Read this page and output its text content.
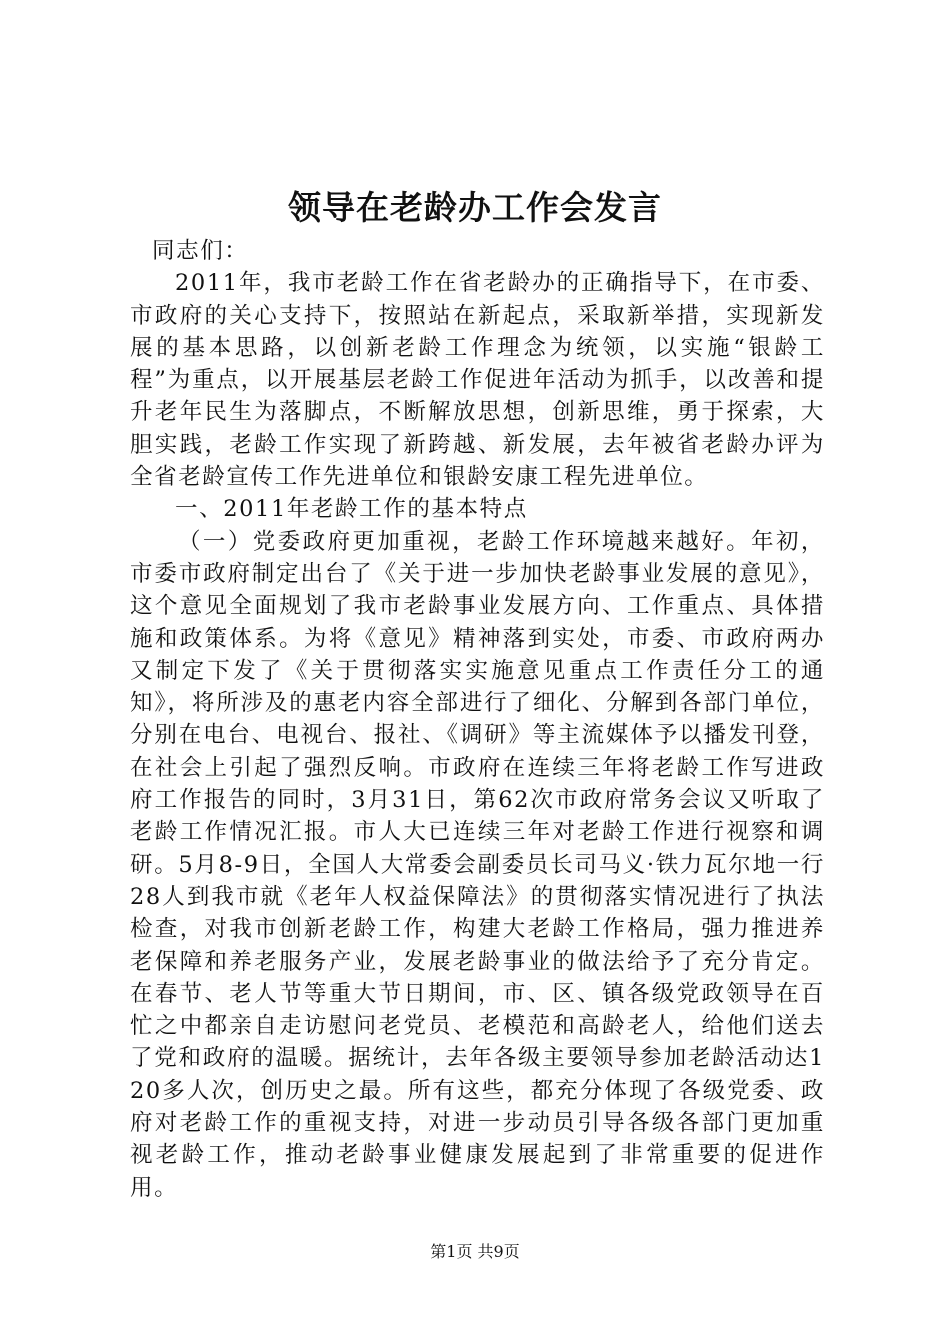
领导在老龄办工作会发言

同志们：

2011年，我市老龄工作在省老龄办的正确指导下，在市委、市政府的关心支持下，按照站在新起点，采取新举措，实现新发展的基本思路，以创新老龄工作理念为统领，以实施“银龄工程”为重点，以开展基层老龄工作促进年活动为抓手，以改善和提升老年民生为落脚点，不断解放思想，创新思维，勇于探索，大胆实践，老龄工作实现了新跨越、新发展，去年被省老龄办评为全省老龄宣传工作先进单位和银龄安康工程先进单位。

一、2011年老龄工作的基本特点

（一）党委政府更加重视，老龄工作环境越来越好。年初，市委市政府制定出台了《关于进一步加快老龄事业发展的意见》，这个意见全面规划了我市老龄事业发展方向、工作重点、具体措施和政策体系。为将《意见》精神落到实处，市委、市政府两办又制定下发了《关于贯彻落实实施意见重点工作责任分工的通知》，将所涉及的惠老内容全部进行了细化、分解到各部门单位，分别在电台、电视台、报社、《调研》等主流媒体予以播发刊登，在社会上引起了强烈反响。市政府在连续三年将老龄工作写进政府工作报告的同时，3月31日，第62次市政府常务会议又听取了老龄工作情况汇报。市人大已连续三年对老龄工作进行视察和调研。5月8-9日，全国人大常委会副委员长司马义·铁力瓦尔地一行28人到我市就《老年人权益保障法》的贯彻落实情况进行了执法检查，对我市创新老龄工作，构建大老龄工作格局，强力推进养老保障和养老服务产业，发展老龄事业的做法给予了充分肯定。在春节、老人节等重大节日期间，市、区、镇各级党政领导在百忙之中都亲自走访慰问老党员、老模范和高龄老人，给他们送去了党和政府的温暖。据统计，去年各级主要领导参加老龄活动达120多人次，创历史之最。所有这些，都充分体现了各级党委、政府对老龄工作的重视支持，对进一步动员引导各级各部门更加重视老龄工作，推动老龄事业健康发展起到了非常重要的促进作用。

第1页 共9页
